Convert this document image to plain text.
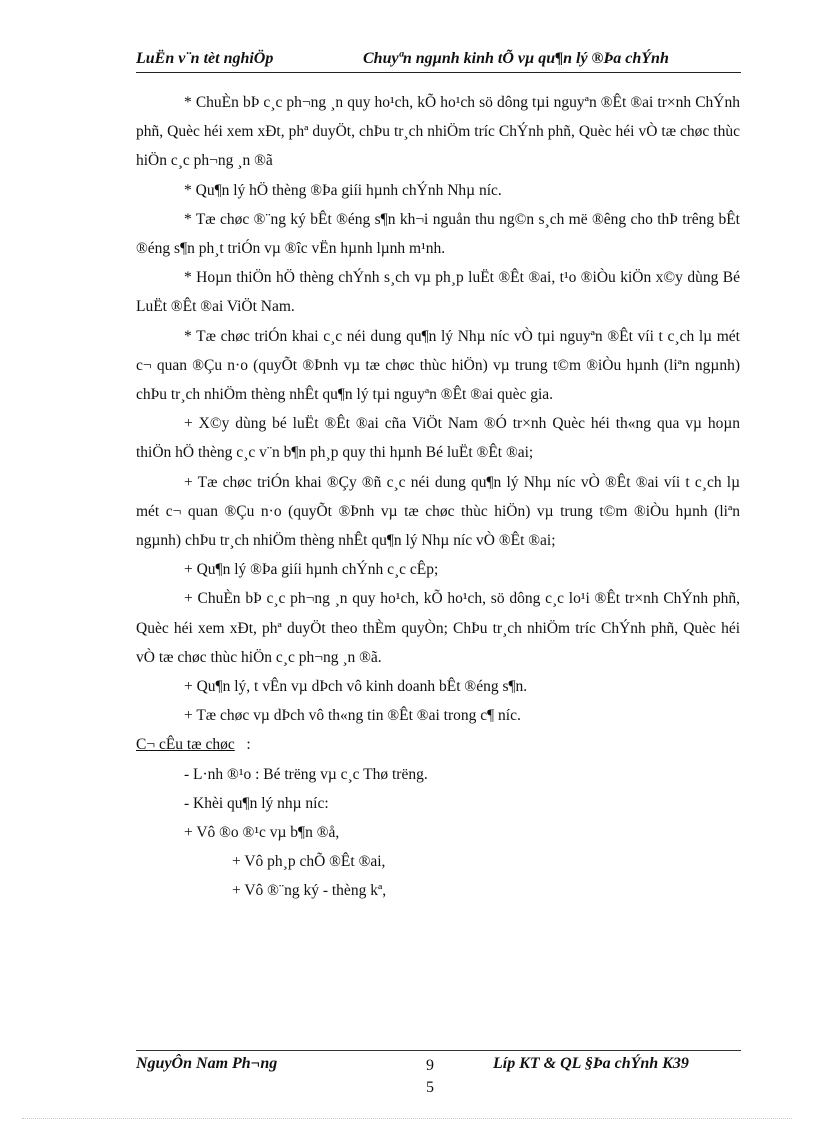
LuËn v¨n tèt nghiÖp	Chuyªn ngµnh kinh tÕ vµ qu¶n lý ®Þa chÝnh

* ChuÈn bÞ c¸c ph¬ng ¸n quy ho¹ch, kÕ ho¹ch sö dông tµi nguyªn ®Êt ®ai tr×nh ChÝnh phñ, Quèc héi xem xÐt, phª duyÖt, chÞu tr¸ch nhiÖm tríc ChÝnh phñ, Quèc héi vÒ tæ chøc thùc hiÖn c¸c ph¬ng ¸n ®ã

* Qu¶n lý hÖ thèng ®Þa giíi hµnh chÝnh Nhµ níc.

* Tæ chøc ®¨ng ký bÊt ®éng s¶n kh¬i nguån thu ng©n s¸ch më ®êng cho thÞ trêng bÊt ®éng s¶n ph¸t triÓn vµ ®îc vËn hµnh lµnh m¹nh.

* Hoµn thiÖn hÖ thèng chÝnh s¸ch vµ ph¸p luËt ®Êt ®ai, t¹o ®iÒu kiÖn x©y dùng Bé LuËt ®Êt ®ai ViÖt Nam.

* Tæ chøc triÓn khai c¸c néi dung qu¶n lý Nhµ níc vÒ tµi nguyªn ®Êt víi t c¸ch lµ mét c¬ quan ®Çu n·o (quyÕt ®Þnh vµ tæ chøc thùc hiÖn) vµ trung t©m ®iÒu hµnh (liªn ngµnh) chÞu tr¸ch nhiÖm thèng nhÊt qu¶n lý tµi nguyªn ®Êt ®ai quèc gia.

+ X©y dùng bé luËt ®Êt ®ai cña ViÖt Nam ®Ó tr×nh Quèc héi th«ng qua vµ hoµn thiÖn hÖ thèng c¸c v¨n b¶n ph¸p quy thi hµnh Bé luËt ®Êt ®ai;

+ Tæ chøc triÓn khai ®Çy ®ñ c¸c néi dung qu¶n lý Nhµ níc vÒ ®Êt ®ai víi t c¸ch lµ mét c¬ quan ®Çu n·o (quyÕt ®Þnh vµ tæ chøc thùc hiÖn) vµ trung t©m ®iÒu hµnh (liªn ngµnh) chÞu tr¸ch nhiÖm thèng nhÊt qu¶n lý Nhµ níc vÒ ®Êt ®ai;

+ Qu¶n lý ®Þa giíi hµnh chÝnh c¸c cÊp;

+ ChuÈn bÞ c¸c ph¬ng ¸n quy ho¹ch, kÕ ho¹ch, sö dông c¸c lo¹i ®Êt tr×nh ChÝnh phñ, Quèc héi xem xÐt, phª duyÖt theo thÈm quyÒn; ChÞu tr¸ch nhiÖm tríc ChÝnh phñ, Quèc héi vÒ tæ chøc thùc hiÖn c¸c ph¬ng ¸n ®ã.

+ Qu¶n lý, t vÊn vµ dÞch vô kinh doanh bÊt ®éng s¶n.

+ Tæ chøc vµ dÞch vô th«ng tin ®Êt ®ai trong c¶ níc.

C¬ cÊu tæ chøc :

- L·nh ®¹o : Bé trëng vµ c¸c Thø trëng.

- Khèi qu¶n lý nhµ níc:

+ Vô ®o ®¹c vµ b¶n ®å,

+ Vô ph¸p chÕ ®Êt ®ai,

+ Vô ®¨ng ký - thèng kª,

NguyÔn Nam Ph¬ng	9
5
Líp KT & QL §Þa chÝnh K39
